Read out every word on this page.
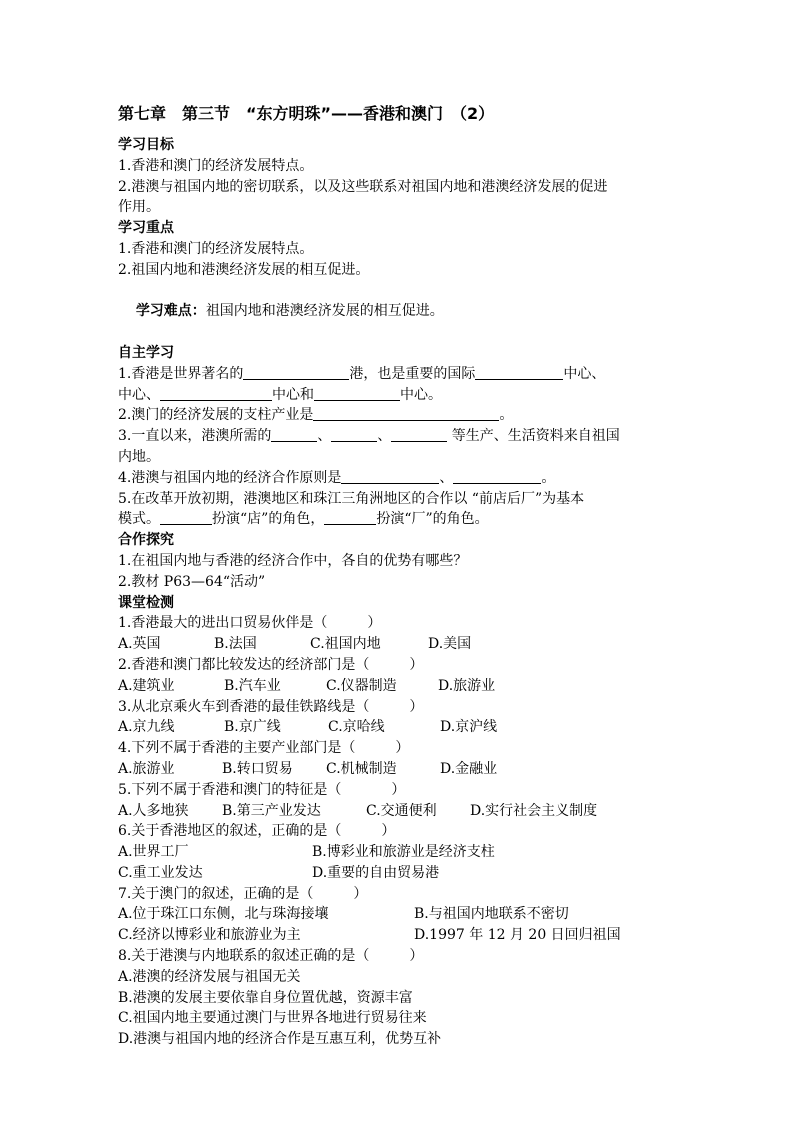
第七章　第三节　“东方明珠”——香港和澳门　（2）
学习目标
1.香港和澳门的经济发展特点。
2.港澳与祖国内地的密切联系，以及这些联系对祖国内地和港澳经济发展的促进
作用。
学习重点
1.香港和澳门的经济发展特点。
2.祖国内地和港澳经济发展的相互促进。

学习难点：祖国内地和港澳经济发展的相互促进。

自主学习
1.香港是世界著名的	港，也是重要的国际	中心、
中心、	中心和	中心。
2.澳门的经济发展的支柱产业是	。
3.一直以来，港澳所需的	、	、	等生产、生活资料来自祖国
内地。
4.港澳与祖国内地的经济合作原则是	、	。
5.在改革开放初期，港澳地区和珠江三角洲地区的合作以 “前店后厂”为基本
模式。	扮演“店”的角色，	扮演“厂”的角色。
合作探究
1.在祖国内地与香港的经济合作中，各自的优势有哪些？
2.教材 P63—64“活动”
课堂检测
1.香港最大的进出口贸易伙伴是（	）
A.英国	B.法国	C.祖国内地	D.美国
2.香港和澳门都比较发达的经济部门是（	）
A.建筑业	B.汽车业	C.仪器制造	D.旅游业
3.从北京乘火车到香港的最佳铁路线是（	）
A.京九线	B.京广线	C.京哈线	D.京沪线
4.下列不属于香港的主要产业部门是（	）
A.旅游业	B.转口贸易 C.机械制造	D.金融业
5.下列不属于香港和澳门的特征是（	）
A.人多地狭 B.第三产业发达	C.交通便利 D.实行社会主义制度
6.关于香港地区的叙述，正确的是（	）
A.世界工厂	B.博彩业和旅游业是经济支柱
C.重工业发达	D.重要的自由贸易港
7.关于澳门的叙述，正确的是（	）
A.位于珠江口东侧，北与珠海接壤	B.与祖国内地联系不密切
C.经济以博彩业和旅游业为主	D.1997 年 12 月 20 日回归祖国
8.关于港澳与内地联系的叙述正确的是（	）
A.港澳的经济发展与祖国无关
B.港澳的发展主要依靠自身位置优越，资源丰富
C.祖国内地主要通过澳门与世界各地进行贸易往来
D.港澳与祖国内地的经济合作是互惠互利，优势互补
